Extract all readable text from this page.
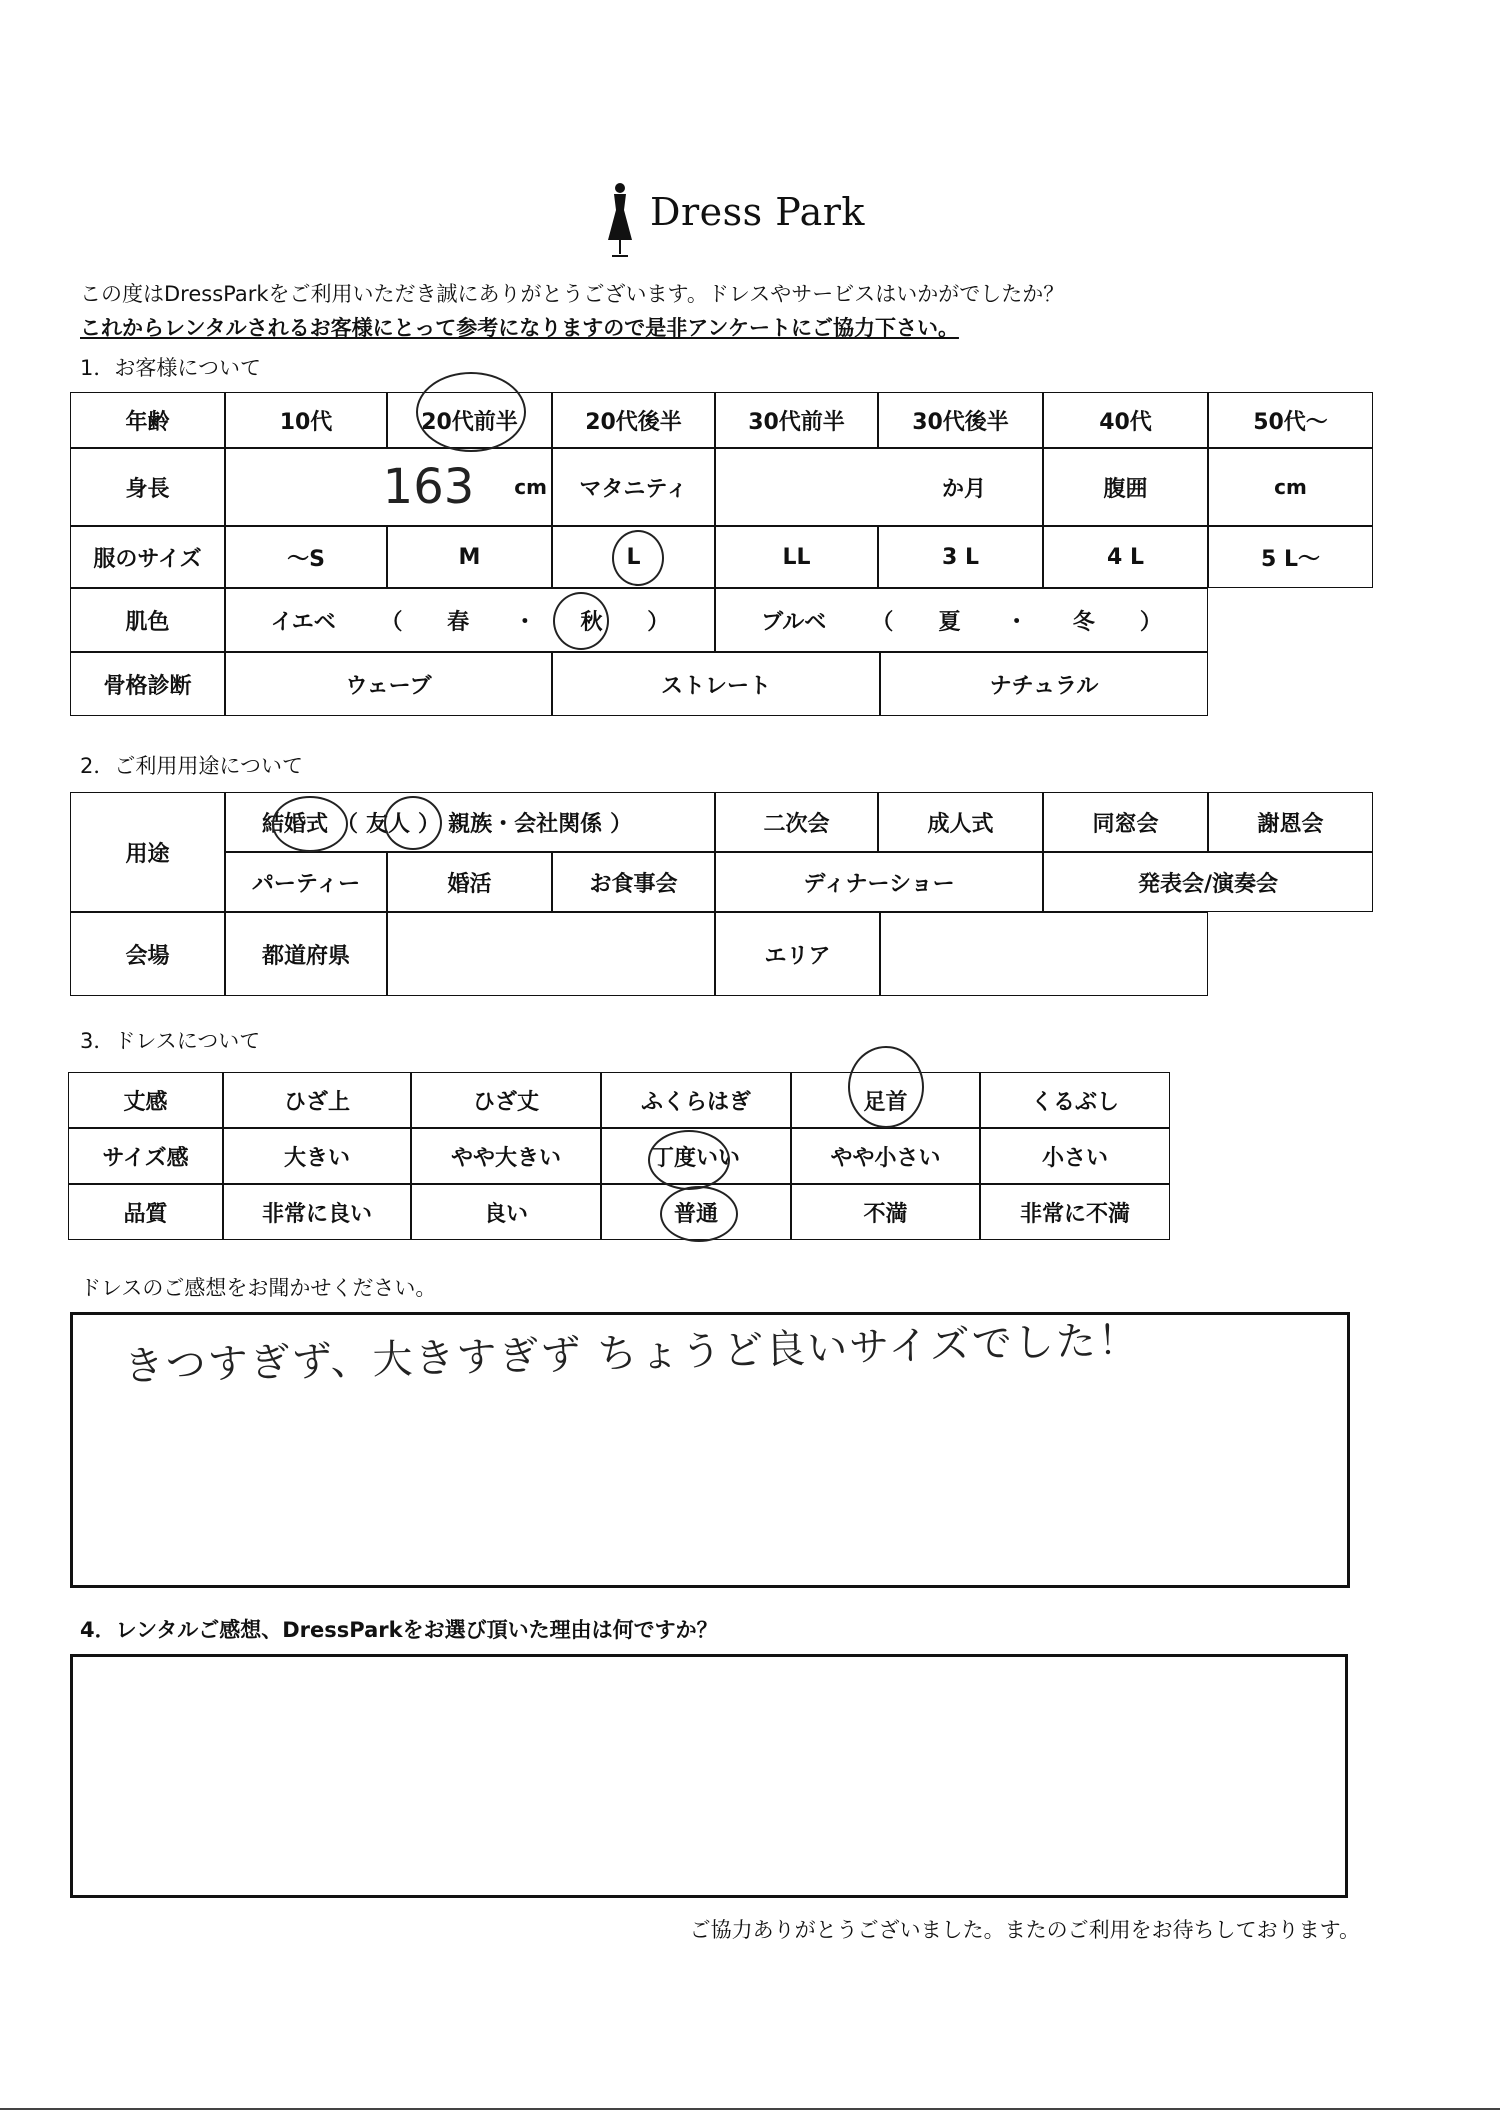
Dress Park
この度はDressParkをご利用いただき誠にありがとうございます。ドレスやサービスはいかがでしたか？
これからレンタルされるお客様にとって参考になりますので是非アンケートにご協力下さい。
1．お客様について
年齢	10代	20代前半	20代後半	30代前半	30代後半	40代	50代～
身長	163 cm	マタニティ	か月	腹囲	cm
服のサイズ	～S	M	L	LL	3 L	4 L	5 L～
肌色	イエベ （ 春 ・ 秋 ）	ブルベ （ 夏 ・ 冬 ）
骨格診断	ウェーブ	ストレート	ナチュラル
2．ご利用用途について
用途
結婚式 （ 友人 ） 親族・会社関係 ）	二次会	成人式	同窓会	謝恩会
パーティー	婚活	お食事会	ディナーショー	発表会/演奏会
会場	都道府県	エリア
3．ドレスについて
丈感	ひざ上	ひざ丈	ふくらはぎ	足首	くるぶし
サイズ感	大きい	やや大きい	丁度いい	やや小さい	小さい
品質	非常に良い	良い	普通	不満	非常に不満
ドレスのご感想をお聞かせください。
きつすぎず、大きすぎず ちょうど良いサイズでした！
4．レンタルご感想、DressParkをお選び頂いた理由は何ですか？
ご協力ありがとうございました。またのご利用をお待ちしております。
